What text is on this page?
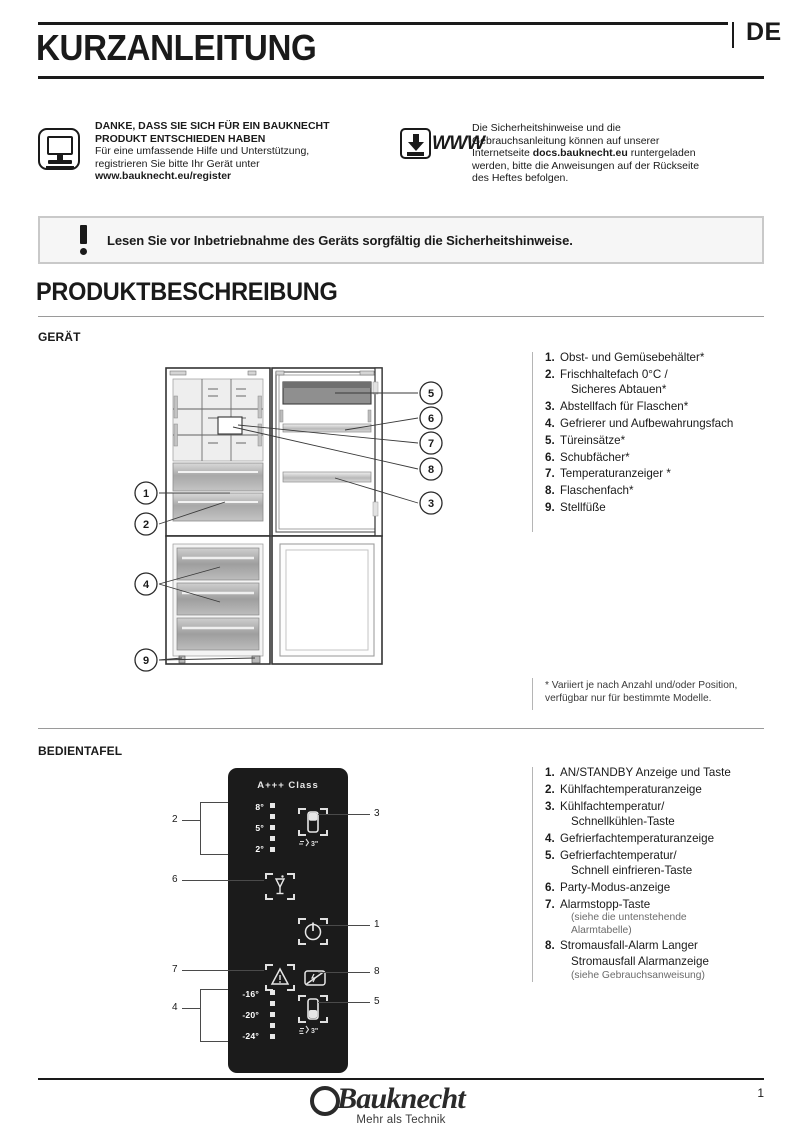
DE
KURZANLEITUNG
DANKE, DASS SIE SICH FÜR EIN BAUKNECHT
PRODUKT ENTSCHIEDEN HABEN
Für eine umfassende Hilfe und Unterstützung,
registrieren Sie bitte Ihr Gerät unter
www.bauknecht.eu/register
WWW
Die Sicherheitshinweise und die
Gebrauchsanleitung können auf unserer
Internetseite docs.bauknecht.eu runtergeladen
werden, bitte die Anweisungen auf der Rückseite
des Heftes befolgen.
Lesen Sie vor Inbetriebnahme des Geräts sorgfältig die Sicherheitshinweise.
PRODUKTBESCHREIBUNG
GERÄT
1
2
4
9
5
6
7
8
3
1. Obst- und Gemüsebehälter*
2. Frischhaltefach 0°C /
Sicheres Abtauen*
3. Abstellfach für Flaschen*
4. Gefrierer und Aufbewahrungsfach
5. Türeinsätze*
6. Schubfächer*
7. Temperaturanzeiger *
8. Flaschenfach*
9. Stellfüße
* Variiert je nach Anzahl und/oder Position,
verfügbar nur für bestimmte Modelle.
BEDIENTAFEL
A+++ Class
8°
5°
2°	3"
-16°
-20°
-24°	3"
2
6
7
4
3
1
8
5
1. AN/STANDBY Anzeige und Taste
2. Kühlfachtemperaturanzeige
3. Kühlfachtemperatur/
Schnellkühlen-Taste
4. Gefrierfachtemperaturanzeige
5. Gefrierfachtemperatur/
Schnell einfrieren-Taste
6. Party-Modus-anzeige
7. Alarmstopp-Taste
(siehe die untenstehende
Alarmtabelle)
8. Stromausfall-Alarm Langer
Stromausfall Alarmanzeige
(siehe Gebrauchsanweisung)
Bauknecht
Mehr als Technik
1
